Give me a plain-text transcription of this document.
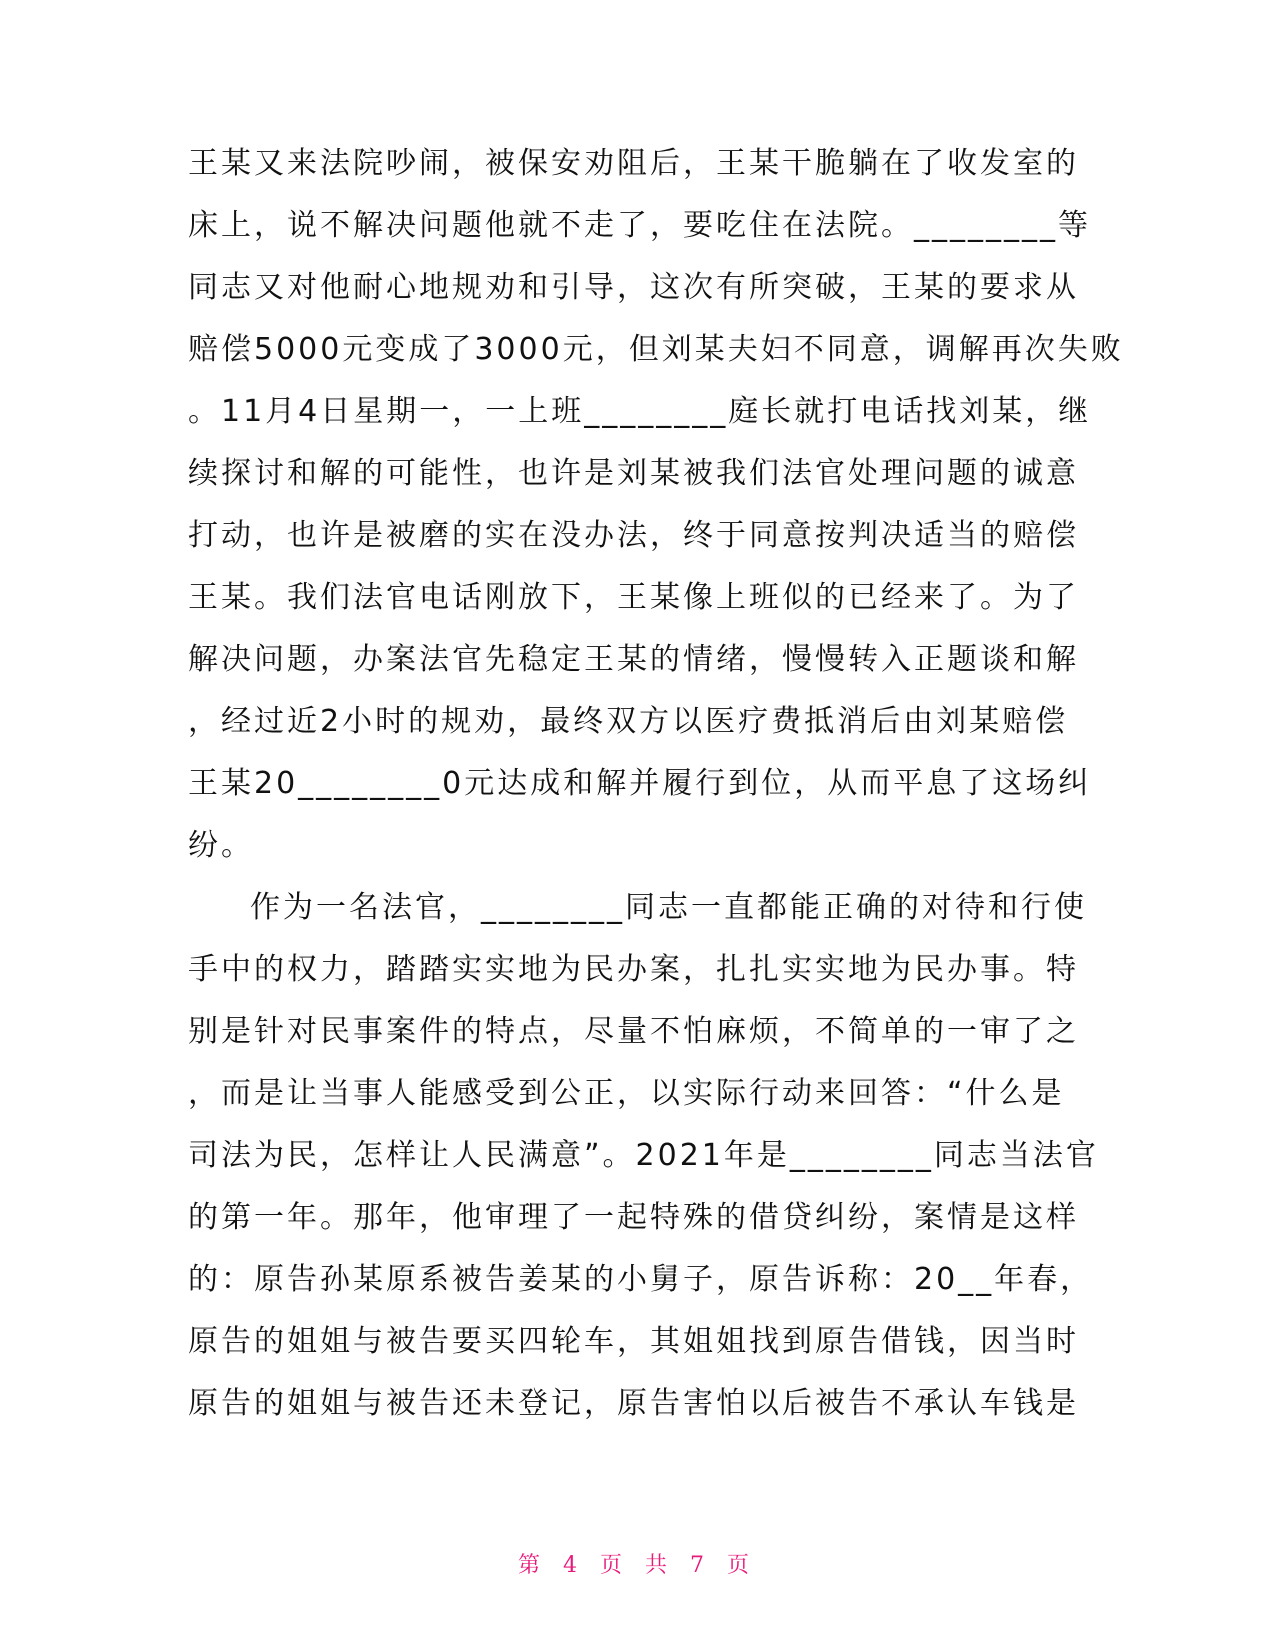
王某又来法院吵闹，被保安劝阻后，王某干脆躺在了收发室的
床上，说不解决问题他就不走了，要吃住在法院。________等
同志又对他耐心地规劝和引导，这次有所突破，王某的要求从
赔偿5000元变成了3000元，但刘某夫妇不同意，调解再次失败
。11月4日星期一，一上班________庭长就打电话找刘某，继
续探讨和解的可能性，也许是刘某被我们法官处理问题的诚意
打动，也许是被磨的实在没办法，终于同意按判决适当的赔偿
王某。我们法官电话刚放下，王某像上班似的已经来了。为了
解决问题，办案法官先稳定王某的情绪，慢慢转入正题谈和解
，经过近2小时的规劝，最终双方以医疗费抵消后由刘某赔偿
王某20________0元达成和解并履行到位，从而平息了这场纠
纷。
作为一名法官，________同志一直都能正确的对待和行使
手中的权力，踏踏实实地为民办案，扎扎实实地为民办事。特
别是针对民事案件的特点，尽量不怕麻烦，不简单的一审了之
，而是让当事人能感受到公正，以实际行动来回答：“什么是
司法为民，怎样让人民满意”。2021年是________同志当法官
的第一年。那年，他审理了一起特殊的借贷纠纷，案情是这样
的：原告孙某原系被告姜某的小舅子，原告诉称：20__年春，
原告的姐姐与被告要买四轮车，其姐姐找到原告借钱，因当时
原告的姐姐与被告还未登记，原告害怕以后被告不承认车钱是
第 4 页 共 7 页
